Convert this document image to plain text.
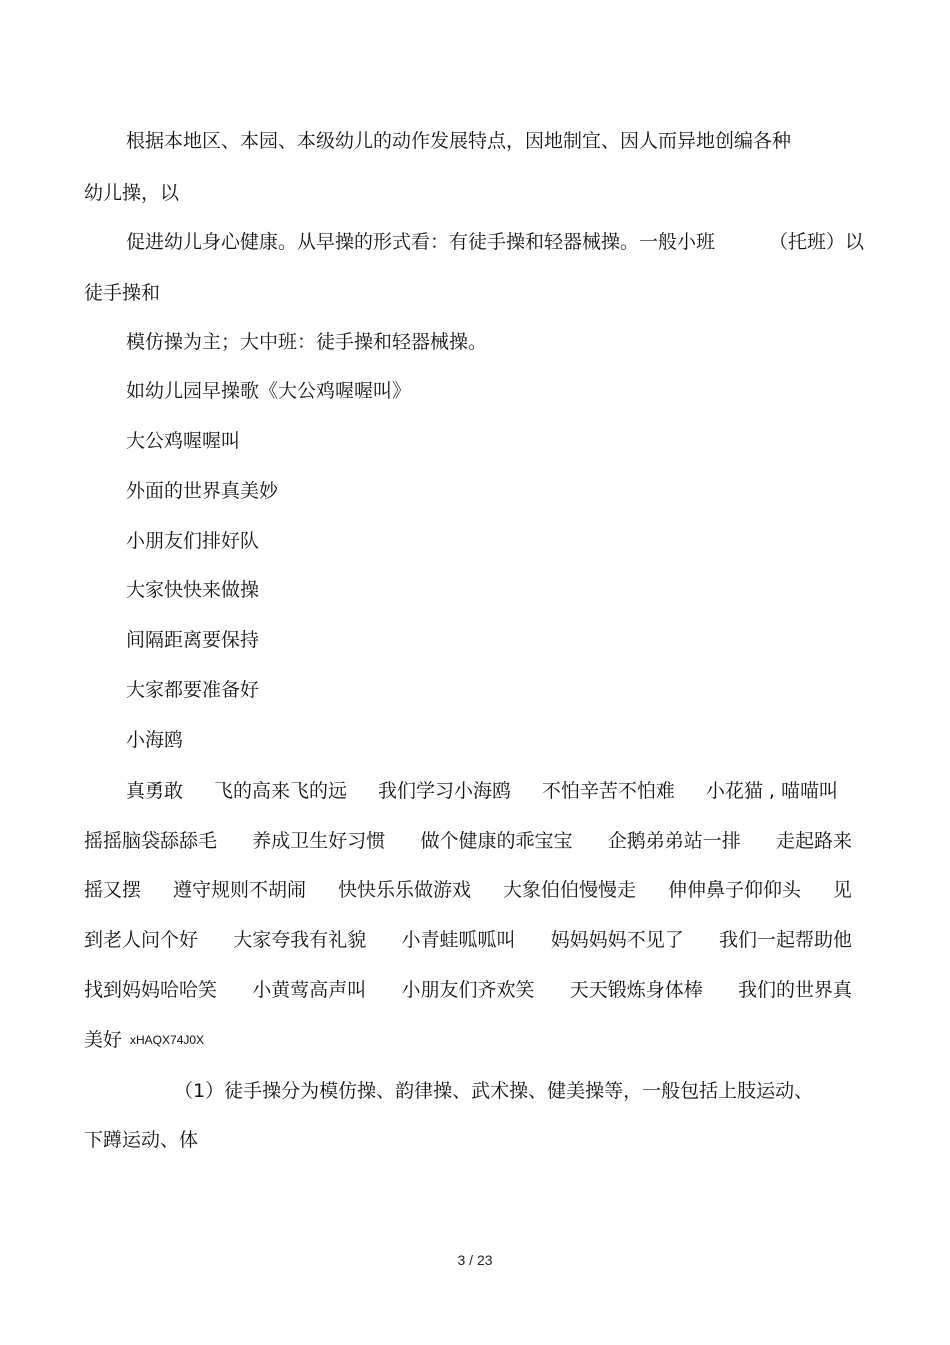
根据本地区、本园、本级幼儿的动作发展特点，因地制宜、因人而异地创编各种
幼儿操，以
促进幼儿身心健康。从早操的形式看：有徒手操和轻器械操。一般小班	（托班）以
徒手操和
模仿操为主；大中班：徒手操和轻器械操。
如幼儿园早操歌《大公鸡喔喔叫》
大公鸡喔喔叫
外面的世界真美妙
小朋友们排好队
大家快快来做操
间隔距离要保持
大家都要准备好
小海鸥
真勇敢 飞的高来飞的远 我们学习小海鸥 不怕辛苦不怕难 小花猫 , 喵喵叫
摇摇脑袋舔舔毛 养成卫生好习惯 做个健康的乖宝宝 企鹅弟弟站一排 走起路来
摇又摆 遵守规则不胡闹 快快乐乐做游戏 大象伯伯慢慢走 伸伸鼻子仰仰头 见
到老人问个好 大家夸我有礼貌 小青蛙呱呱叫 妈妈妈妈不见了 我们一起帮助他
找到妈妈哈哈笑 小黄莺高声叫 小朋友们齐欢笑 天天锻炼身体棒 我们的世界真
美好 xHAQX74J0X
（1）徒手操分为模仿操、韵律操、武术操、健美操等，一般包括上肢运动、
下蹲运动、体
3 / 23
